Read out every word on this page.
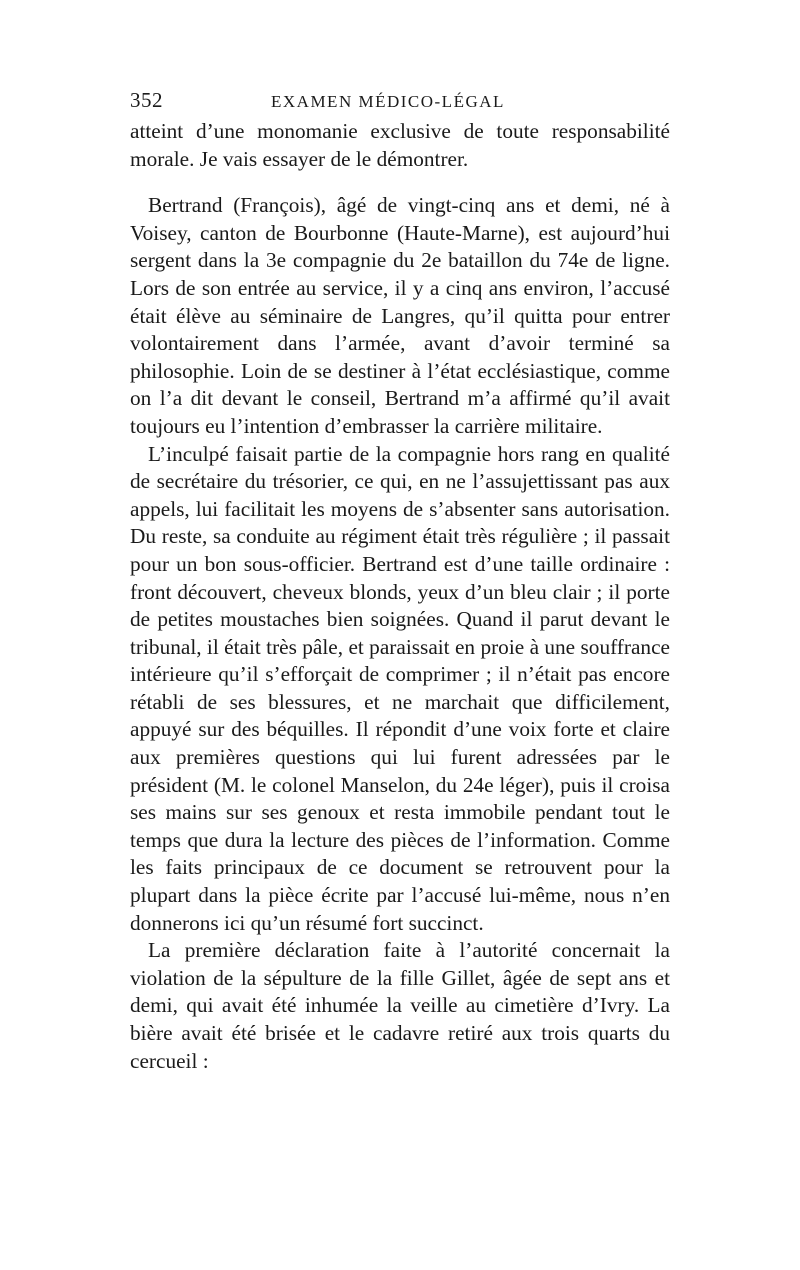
352	EXAMEN MÉDICO-LÉGAL

atteint d’une monomanie exclusive de toute responsabilité morale. Je vais essayer de le démontrer.

Bertrand (François), âgé de vingt-cinq ans et demi, né à Voisey, canton de Bourbonne (Haute-Marne), est aujourd’hui sergent dans la 3e compagnie du 2e bataillon du 74e de ligne. Lors de son entrée au service, il y a cinq ans environ, l’accusé était élève au séminaire de Langres, qu’il quitta pour entrer volontairement dans l’armée, avant d’avoir terminé sa philosophie. Loin de se destiner à l’état ecclésiastique, comme on l’a dit devant le conseil, Bertrand m’a affirmé qu’il avait toujours eu l’intention d’embrasser la carrière militaire.

L’inculpé faisait partie de la compagnie hors rang en qualité de secrétaire du trésorier, ce qui, en ne l’assujettissant pas aux appels, lui facilitait les moyens de s’absenter sans autorisation. Du reste, sa conduite au régiment était très régulière ; il passait pour un bon sous-officier. Bertrand est d’une taille ordinaire : front découvert, cheveux blonds, yeux d’un bleu clair ; il porte de petites moustaches bien soignées. Quand il parut devant le tribunal, il était très pâle, et paraissait en proie à une souffrance intérieure qu’il s’efforçait de comprimer ; il n’était pas encore rétabli de ses blessures, et ne marchait que difficilement, appuyé sur des béquilles. Il répondit d’une voix forte et claire aux premières questions qui lui furent adressées par le président (M. le colonel Manselon, du 24e léger), puis il croisa ses mains sur ses genoux et resta immobile pendant tout le temps que dura la lecture des pièces de l’information. Comme les faits principaux de ce document se retrouvent pour la plupart dans la pièce écrite par l’accusé lui-même, nous n’en donnerons ici qu’un résumé fort succinct.

La première déclaration faite à l’autorité concernait la violation de la sépulture de la fille Gillet, âgée de sept ans et demi, qui avait été inhumée la veille au cimetière d’Ivry. La bière avait été brisée et le cadavre retiré aux trois quarts du cercueil :
